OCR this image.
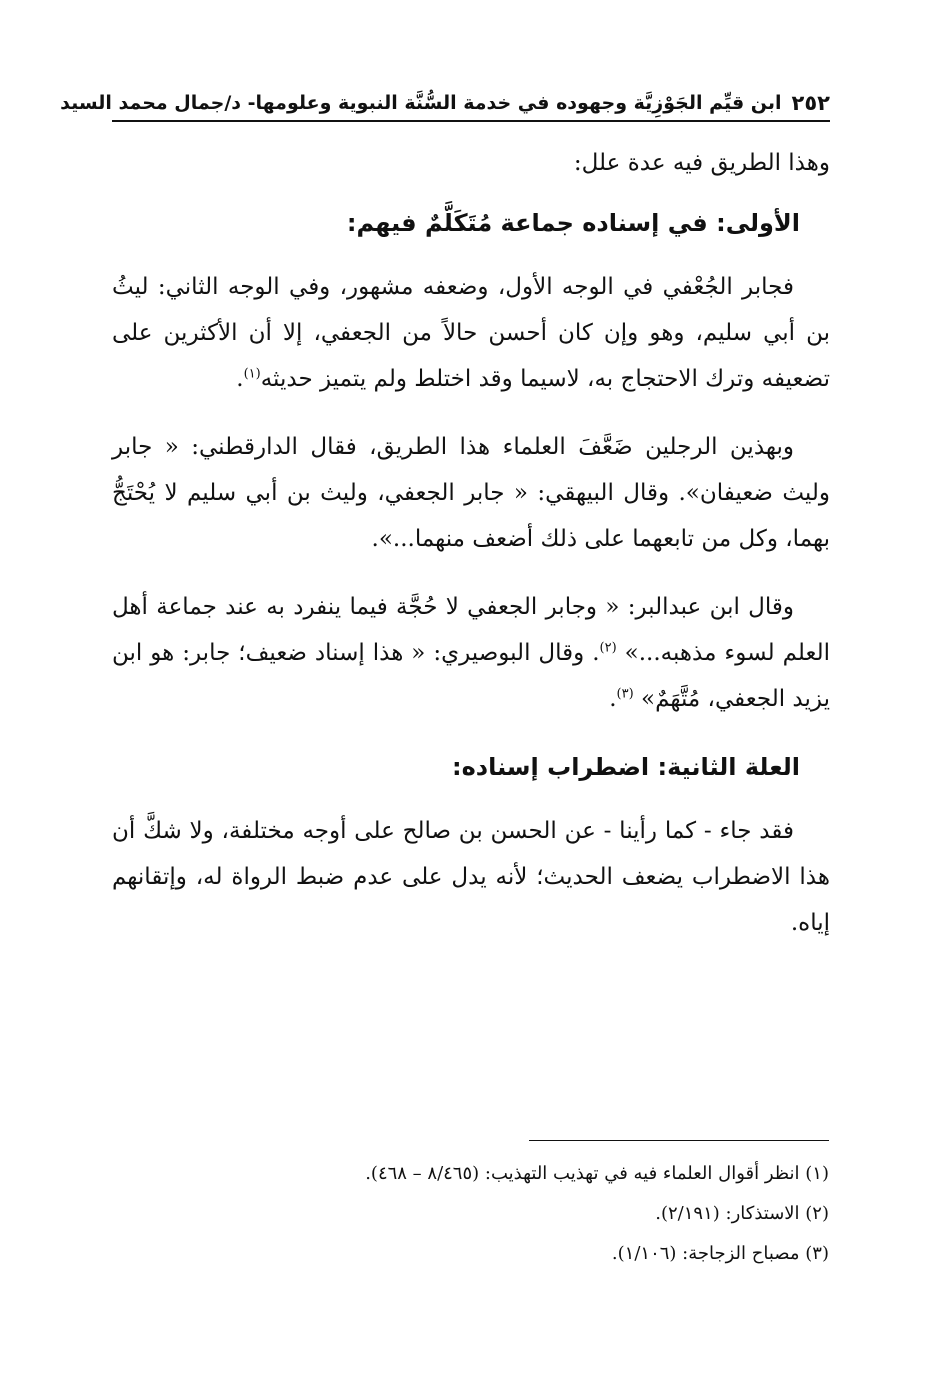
٢٥٢
ابن قيِّم الجَوْزِيَّة وجهوده في خدمة السُّنَّة النبوية وعلومها- د/جمال محمد السيد

وهذا الطريق فيه عدة علل:

الأولى: في إسناده جماعة مُتَكَلَّمٌ فيهم:

فجابر الجُعْفي في الوجه الأول، وضعفه مشهور، وفي الوجه الثاني: ليثُ بن أبي سليم، وهو وإن كان أحسن حالاً من الجعفي، إلا أن الأكثرين على تضعيفه وترك الاحتجاج به، لاسيما وقد اختلط ولم يتميز حديثه$^{(١)}$.

وبهذين الرجلين ضَعَّفَ العلماء هذا الطريق، فقال الدارقطني: « جابر وليث ضعيفان». وقال البيهقي: « جابر الجعفي، وليث بن أبي سليم لا يُحْتَجُّ بهما، وكل من تابعهما على ذلك أضعف منهما...».

وقال ابن عبدالبر: « وجابر الجعفي لا حُجَّة فيما ينفرد به عند جماعة أهل العلم لسوء مذهبه...» $^{(٢)}$. وقال البوصيري: « هذا إسناد ضعيف؛ جابر: هو ابن يزيد الجعفي، مُتَّهَمٌ» $^{(٣)}$.

العلة الثانية: اضطراب إسناده:

فقد جاء - كما رأينا - عن الحسن بن صالح على أوجه مختلفة، ولا شكَّ أن هذا الاضطراب يضعف الحديث؛ لأنه يدل على عدم ضبط الرواة له، وإتقانهم إياه.

(١) انظر أقوال العلماء فيه في تهذيب التهذيب: (٨/٤٦٥ – ٤٦٨).
(٢) الاستذكار: (٢/١٩١).
(٣) مصباح الزجاجة: (١/١٠٦).
